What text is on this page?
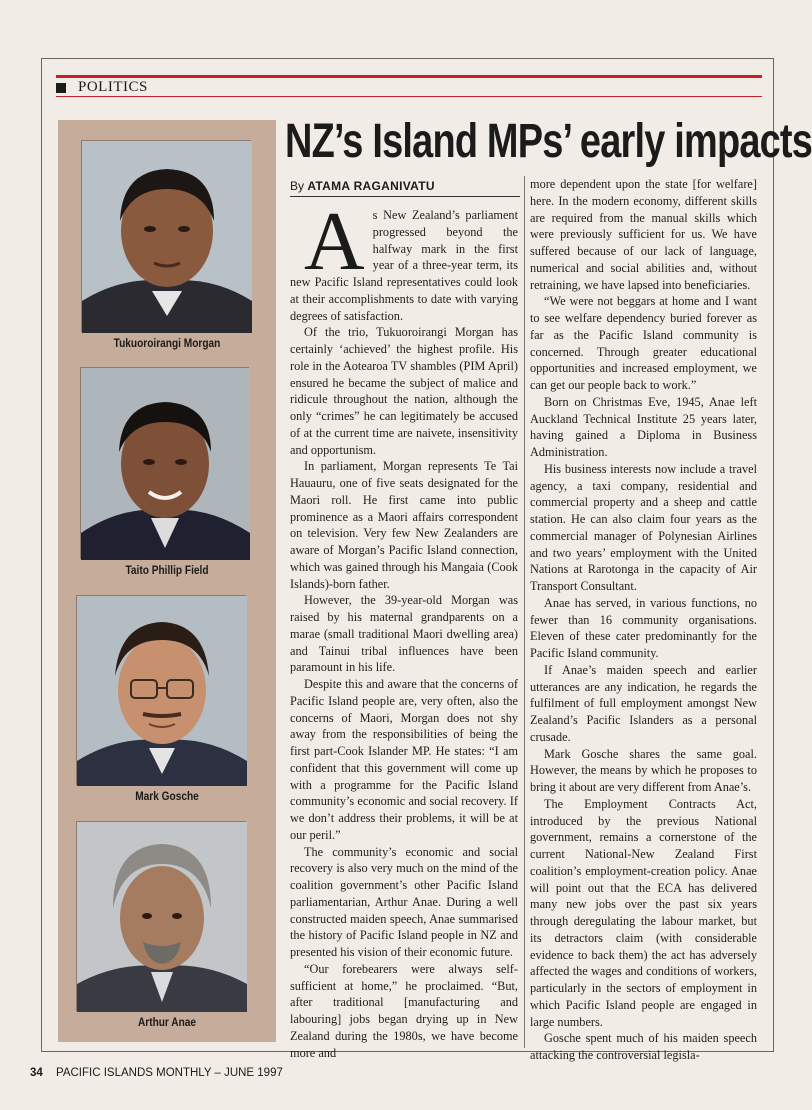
POLITICS
Tukuoroirangi Morgan
Taito Phillip Field
Mark Gosche
Arthur Anae
NZ’s Island MPs’ early impacts
By ATAMA RAGANIVATU

As New Zealand’s parliament progressed beyond the halfway mark in the first year of a three-year term, its new Pacific Island representatives could look at their accomplishments to date with varying degrees of satisfaction.

Of the trio, Tukuoroirangi Morgan has certainly ‘achieved’ the highest profile. His role in the Aotearoa TV shambles (PIM April) ensured he became the subject of malice and ridicule throughout the nation, although the only “crimes” he can legitimately be accused of at the current time are naivete, insensitivity and opportunism.

In parliament, Morgan represents Te Tai Hauauru, one of five seats designated for the Maori roll. He first came into public prominence as a Maori affairs correspondent on television. Very few New Zealanders are aware of Morgan’s Pacific Island connection, which was gained through his Mangaia (Cook Islands)-born father.

However, the 39-year-old Morgan was raised by his maternal grandparents on a marae (small traditional Maori dwelling area) and Tainui tribal influences have been paramount in his life.

Despite this and aware that the concerns of Pacific Island people are, very often, also the concerns of Maori, Morgan does not shy away from the responsibilities of being the first part-Cook Islander MP. He states: “I am confident that this government will come up with a programme for the Pacific Island community’s economic and social recovery. If we don’t address their problems, it will be at our peril.”

The community’s economic and social recovery is also very much on the mind of the coalition government’s other Pacific Island parliamentarian, Arthur Anae. During a well constructed maiden speech, Anae summarised the history of Pacific Island people in NZ and presented his vision of their economic future.

“Our forebearers were always self-sufficient at home,” he proclaimed. “But, after traditional [manufacturing and labouring] jobs began drying up in New Zealand during the 1980s, we have become more and

more dependent upon the state [for welfare] here. In the modern economy, different skills are required from the manual skills which were previously sufficient for us. We have suffered because of our lack of language, numerical and social abilities and, without retraining, we have lapsed into beneficiaries.

“We were not beggars at home and I want to see welfare dependency buried forever as far as the Pacific Island community is concerned. Through greater educational opportunities and increased employment, we can get our people back to work.”

Born on Christmas Eve, 1945, Anae left Auckland Technical Institute 25 years later, having gained a Diploma in Business Administration.

His business interests now include a travel agency, a taxi company, residential and commercial property and a sheep and cattle station. He can also claim four years as the commercial manager of Polynesian Airlines and two years’ employment with the United Nations at Rarotonga in the capacity of Air Transport Consultant.

Anae has served, in various functions, no fewer than 16 community organisations. Eleven of these cater predominantly for the Pacific Island community.

If Anae’s maiden speech and earlier utterances are any indication, he regards the fulfilment of full employment amongst New Zealand’s Pacific Islanders as a personal crusade.

Mark Gosche shares the same goal. However, the means by which he proposes to bring it about are very different from Anae’s.

The Employment Contracts Act, introduced by the previous National government, remains a cornerstone of the current National-New Zealand First coalition’s employment-creation policy. Anae will point out that the ECA has delivered many new jobs over the past six years through deregulating the labour market, but its detractors claim (with considerable evidence to back them) the act has adversely affected the wages and conditions of workers, particularly in the sectors of employment in which Pacific Island people are engaged in large numbers.

Gosche spent much of his maiden speech attacking the controversial legisla-

34 PACIFIC ISLANDS MONTHLY – JUNE 1997
